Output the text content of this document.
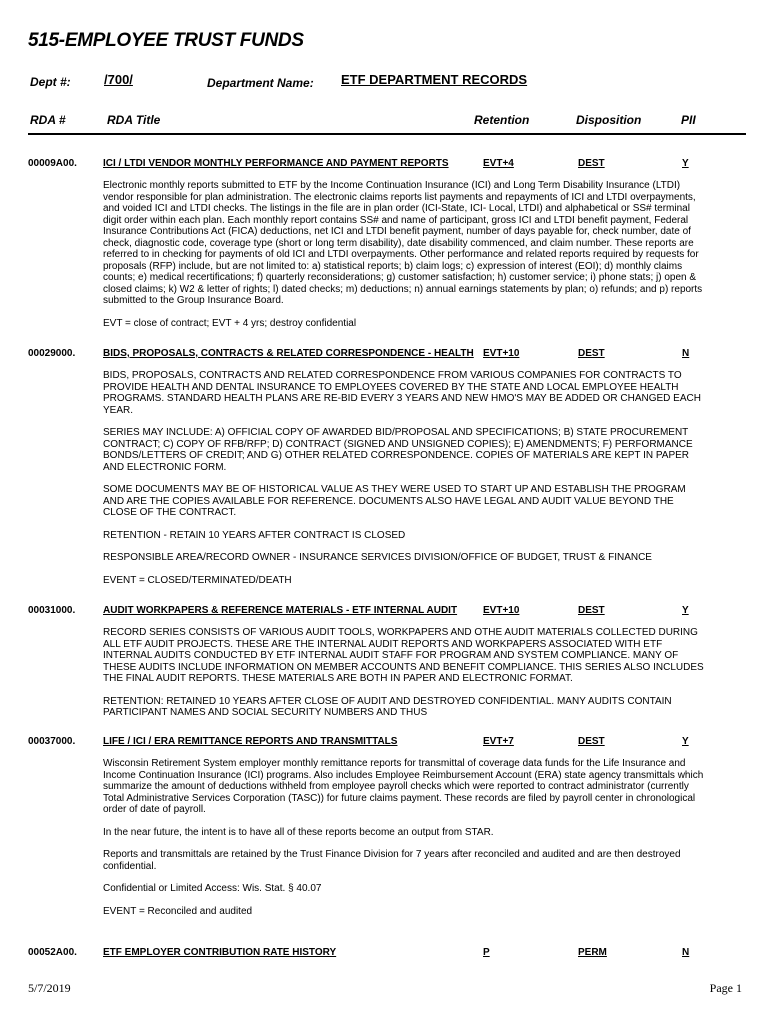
515-EMPLOYEE TRUST FUNDS
Dept #:	/700/	Department Name: ETF DEPARTMENT RECORDS
RDA #	RDA Title	Retention	Disposition	PII
00009A00.	ICI / LTDI VENDOR MONTHLY PERFORMANCE AND PAYMENT REPORTS	EVT+4	DEST	Y

Electronic monthly reports submitted to ETF by the Income Continuation Insurance (ICI) and Long Term Disability Insurance (LTDI) vendor responsible for plan administration. The electronic claims reports list payments and repayments of ICI and LTDI overpayments, and voided ICI and LTDI checks. The listings in the file are in plan order (ICI-State, ICI- Local, LTDI) and alphabetical or SS# terminal digit order within each plan. Each monthly report contains SS# and name of participant, gross ICI and LTDI benefit payment, Federal Insurance Contributions Act (FICA) deductions, net ICI and LTDI benefit payment, number of days payable for, check number, date of check, diagnostic code, coverage type (short or long term disability), date disability commenced, and claim number. These reports are referred to in checking for payments of old ICI and LTDI overpayments. Other performance and related reports required by requests for proposals (RFP) include, but are not limited to: a) statistical reports; b) claim logs; c) expression of interest (EOI); d) monthly claims counts; e) medical recertifications; f) quarterly reconsiderations; g) customer satisfaction; h) customer service; i) phone stats; j) open & closed claims; k) W2 & letter of rights; l) dated checks; m) deductions; n) annual earnings statements by plan; o) refunds; and p) reports submitted to the Group Insurance Board.

EVT = close of contract; EVT + 4 yrs; destroy confidential

00029000.	BIDS, PROPOSALS, CONTRACTS & RELATED CORRESPONDENCE - HEALTH EVT+10	DEST	N

BIDS, PROPOSALS, CONTRACTS AND RELATED CORRESPONDENCE FROM VARIOUS COMPANIES FOR CONTRACTS TO PROVIDE HEALTH AND DENTAL INSURANCE TO EMPLOYEES COVERED BY THE STATE AND LOCAL EMPLOYEE HEALTH PROGRAMS. STANDARD HEALTH PLANS ARE RE-BID EVERY 3 YEARS AND NEW HMO'S MAY BE ADDED OR CHANGED EACH YEAR.

SERIES MAY INCLUDE: A) OFFICIAL COPY OF AWARDED BID/PROPOSAL AND SPECIFICATIONS; B) STATE PROCUREMENT CONTRACT; C) COPY OF RFB/RFP; D) CONTRACT (SIGNED AND UNSIGNED COPIES); E) AMENDMENTS; F) PERFORMANCE BONDS/LETTERS OF CREDIT; AND G) OTHER RELATED CORRESPONDENCE. COPIES OF MATERIALS ARE KEPT IN PAPER AND ELECTRONIC FORM.

SOME DOCUMENTS MAY BE OF HISTORICAL VALUE AS THEY WERE USED TO START UP AND ESTABLISH THE PROGRAM AND ARE THE COPIES AVAILABLE FOR REFERENCE. DOCUMENTS ALSO HAVE LEGAL AND AUDIT VALUE BEYOND THE CLOSE OF THE CONTRACT.

RETENTION - RETAIN 10 YEARS AFTER CONTRACT IS CLOSED

RESPONSIBLE AREA/RECORD OWNER - INSURANCE SERVICES DIVISION/OFFICE OF BUDGET, TRUST & FINANCE

EVENT = CLOSED/TERMINATED/DEATH

00031000.	AUDIT WORKPAPERS & REFERENCE MATERIALS - ETF INTERNAL AUDIT	EVT+10	DEST	Y

RECORD SERIES CONSISTS OF VARIOUS AUDIT TOOLS, WORKPAPERS AND OTHE AUDIT MATERIALS COLLECTED DURING ALL ETF AUDIT PROJECTS. THESE ARE THE INTERNAL AUDIT REPORTS AND WORKPAPERS ASSOCIATED WITH ETF INTERNAL AUDITS CONDUCTED BY ETF INTERNAL AUDIT STAFF FOR PROGRAM AND SYSTEM COMPLIANCE. MANY OF THESE AUDITS INCLUDE INFORMATION ON MEMBER ACCOUNTS AND BENEFIT COMPLIANCE. THIS SERIES ALSO INCLUDES THE FINAL AUDIT REPORTS. THESE MATERIALS ARE BOTH IN PAPER AND ELECTRONIC FORMAT.

RETENTION: RETAINED 10 YEARS AFTER CLOSE OF AUDIT AND DESTROYED CONFIDENTIAL. MANY AUDITS CONTAIN PARTICIPANT NAMES AND SOCIAL SECURITY NUMBERS AND THUS

00037000.	LIFE / ICI / ERA REMITTANCE REPORTS AND TRANSMITTALS	EVT+7	DEST	Y

Wisconsin Retirement System employer monthly remittance reports for transmittal of coverage data funds for the Life Insurance and Income Continuation Insurance (ICI) programs. Also includes Employee Reimbursement Account (ERA) state agency transmittals which summarize the amount of deductions withheld from employee payroll checks which were reported to contract administrator (currently Total Administrative Services Corporation (TASC)) for future claims payment. These records are filed by payroll center in chronological order of date of payroll.

In the near future, the intent is to have all of these reports become an output from STAR.

Reports and transmittals are retained by the Trust Finance Division for 7 years after reconciled and audited and are then destroyed confidential.

Confidential or Limited Access: Wis. Stat. § 40.07

EVENT = Reconciled and audited

00052A00.	ETF EMPLOYER CONTRIBUTION RATE HISTORY	P	PERM	N
5/7/2019	Page 1
